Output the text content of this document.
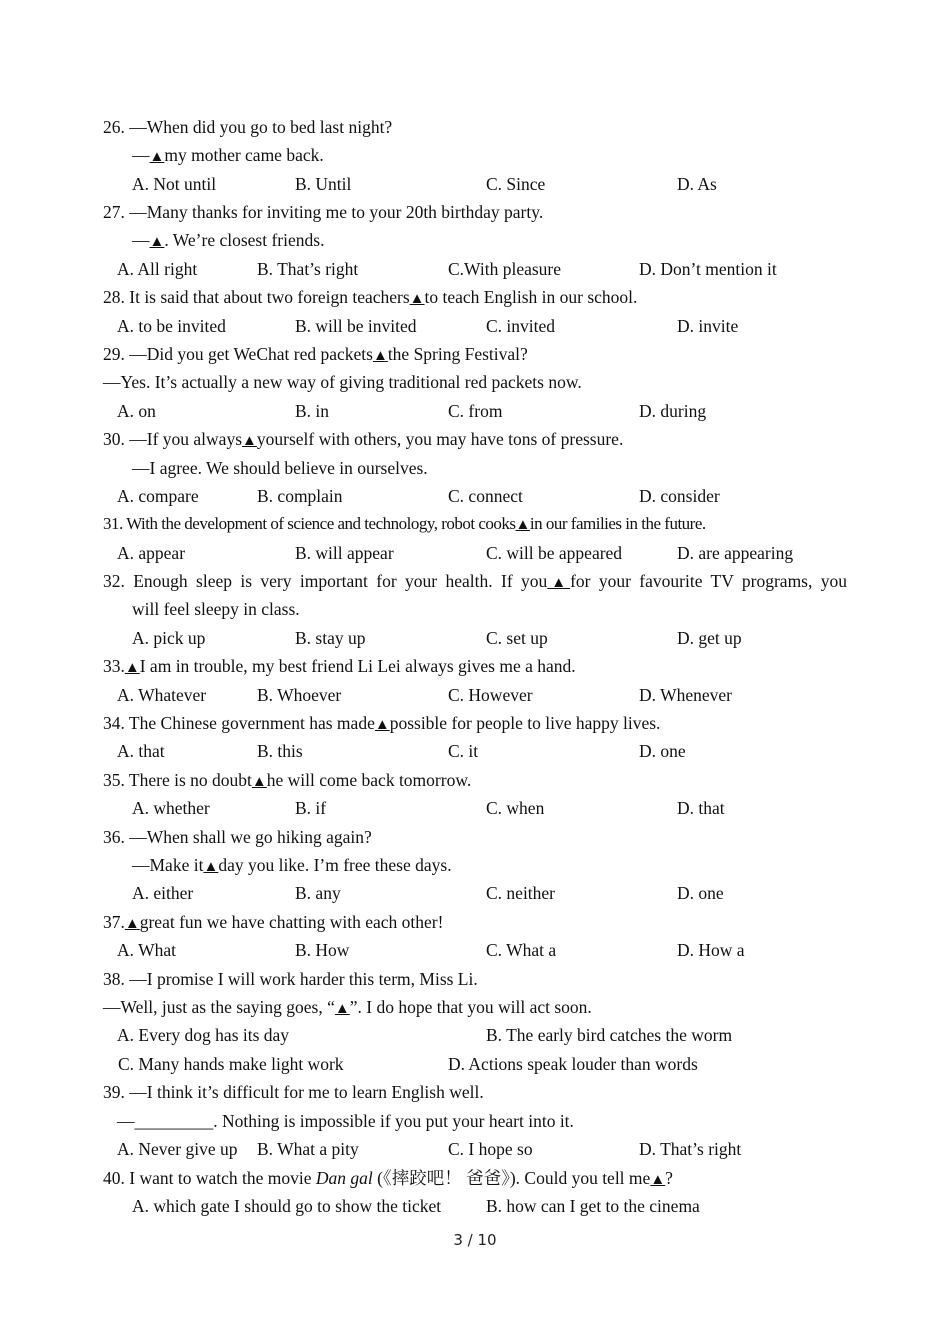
26. —When did you go to bed last night?
—▲my mother came back.
A. Not until	B. Until	C. Since	D. As
27. —Many thanks for inviting me to your 20th birthday party.
—▲. We’re closest friends.
A. All right	B. That’s right	C.With pleasure	D. Don’t mention it
28. It is said that about two foreign teachers▲to teach English in our school.
A. to be invited	B. will be invited	C. invited	D. invite
29. —Did you get WeChat red packets▲the Spring Festival?
—Yes. It’s actually a new way of giving traditional red packets now.
A. on	B. in	C. from	D. during
30. —If you always▲yourself with others, you may have tons of pressure.
—I agree. We should believe in ourselves.
A. compare	B. complain	C. connect	D. consider
31. With the development of science and technology, robot cooks▲in our families in the future.
A. appear	B. will appear	C. will be appeared	D. are appearing
32. Enough sleep is very important for your health. If you▲for your favourite TV programs, you
will feel sleepy in class.
A. pick up	B. stay up	C. set up	D. get up
33.▲I am in trouble, my best friend Li Lei always gives me a hand.
A. Whatever	B. Whoever	C. However	D. Whenever
34. The Chinese government has made▲possible for people to live happy lives.
A. that	B. this	C. it	D. one
35. There is no doubt▲he will come back tomorrow.
A. whether	B. if	C. when	D. that
36. —When shall we go hiking again?
—Make it▲day you like. I’m free these days.
A. either	B. any	C. neither	D. one
37.▲great fun we have chatting with each other!
A. What	B. How	C. What a	D. How a
38. —I promise I will work harder this term, Miss Li.
—Well, just as the saying goes, “▲”. I do hope that you will act soon.
A. Every dog has its day	B. The early bird catches the worm
C. Many hands make light work	D. Actions speak louder than words
39. —I think it’s difficult for me to learn English well.
—_________. Nothing is impossible if you put your heart into it.
A. Never give up B. What a pity	C. I hope so	D. That’s right
40. I want to watch the movie Dan gal (《摔跤吧！ 爸爸》). Could you tell me▲?
A. which gate I should go to show the ticket	B. how can I get to the cinema
3 / 10
